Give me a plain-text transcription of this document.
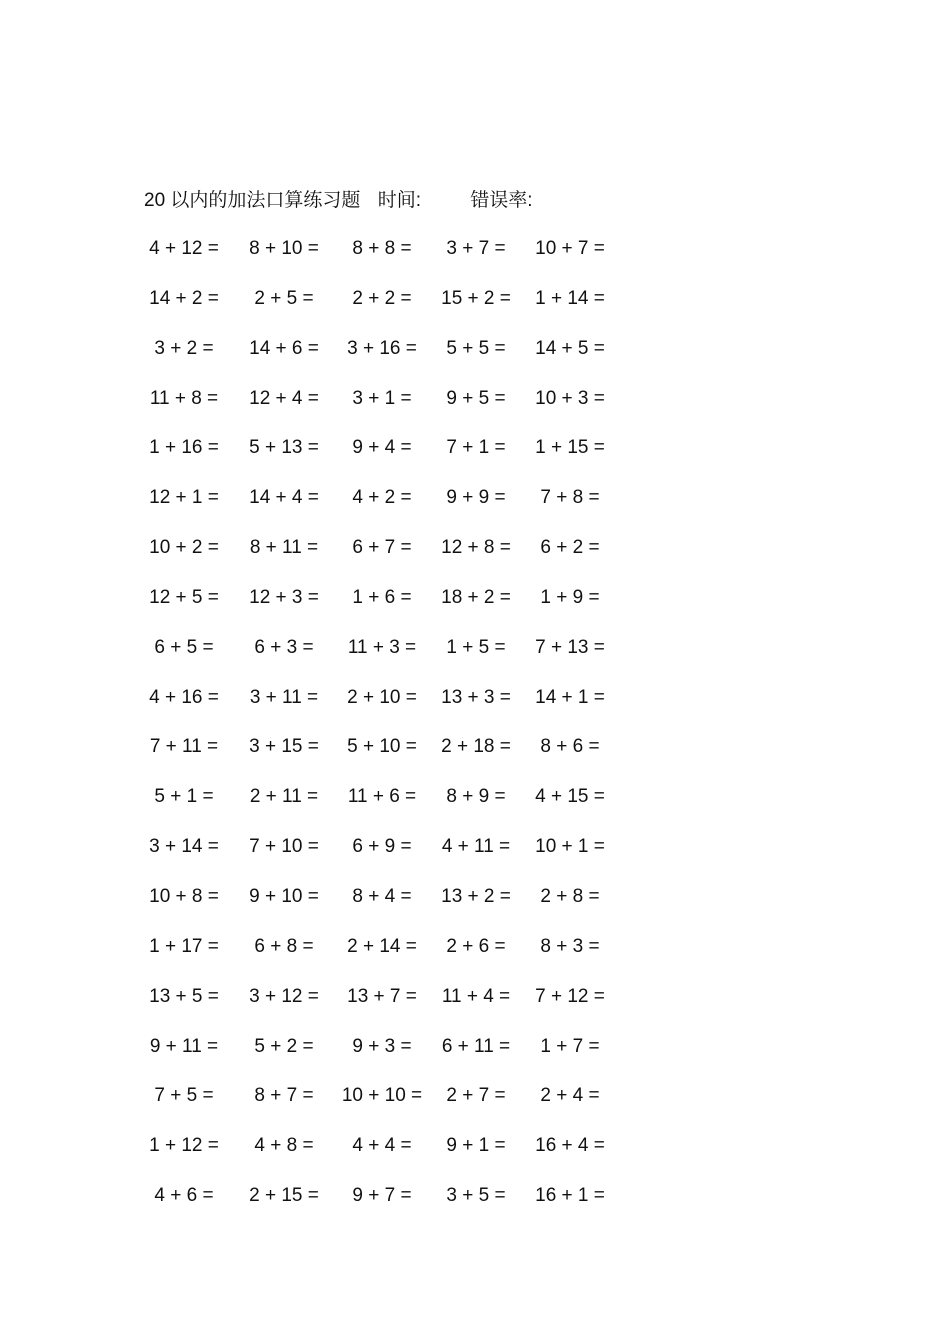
20 以内的加法口算练习题 时间:	错误率:
4 + 12 =	8 + 10 =	8 + 8 =	3 + 7 =	10 + 7 =
14 + 2 =	2 + 5 =	2 + 2 =	15 + 2 =	1 + 14 =
3 + 2 =	14 + 6 =	3 + 16 =	5 + 5 =	14 + 5 =
11 + 8 =	12 + 4 =	3 + 1 =	9 + 5 =	10 + 3 =
1 + 16 =	5 + 13 =	9 + 4 =	7 + 1 =	1 + 15 =
12 + 1 =	14 + 4 =	4 + 2 =	9 + 9 =	7 + 8 =
10 + 2 =	8 + 11 =	6 + 7 =	12 + 8 =	6 + 2 =
12 + 5 =	12 + 3 =	1 + 6 =	18 + 2 =	1 + 9 =
6 + 5 =	6 + 3 =	11 + 3 =	1 + 5 =	7 + 13 =
4 + 16 =	3 + 11 =	2 + 10 =	13 + 3 =	14 + 1 =
7 + 11 =	3 + 15 =	5 + 10 =	2 + 18 =	8 + 6 =
5 + 1 =	2 + 11 =	11 + 6 =	8 + 9 =	4 + 15 =
3 + 14 =	7 + 10 =	6 + 9 =	4 + 11 =	10 + 1 =
10 + 8 =	9 + 10 =	8 + 4 =	13 + 2 =	2 + 8 =
1 + 17 =	6 + 8 =	2 + 14 =	2 + 6 =	8 + 3 =
13 + 5 =	3 + 12 =	13 + 7 =	11 + 4 =	7 + 12 =
9 + 11 =	5 + 2 =	9 + 3 =	6 + 11 =	1 + 7 =
7 + 5 =	8 + 7 =	10 + 10 =	2 + 7 =	2 + 4 =
1 + 12 =	4 + 8 =	4 + 4 =	9 + 1 =	16 + 4 =
4 + 6 =	2 + 15 =	9 + 7 =	3 + 5 =	16 + 1 =
